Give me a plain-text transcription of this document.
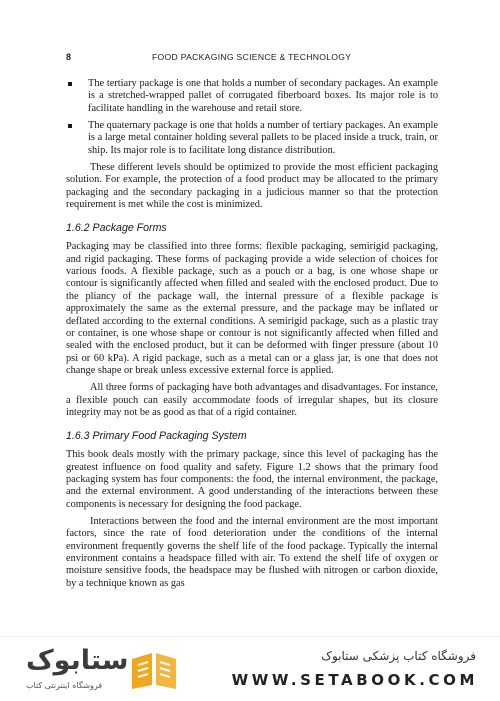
8	FOOD PACKAGING SCIENCE & TECHNOLOGY

The tertiary package is one that holds a number of secondary packages. An example is a stretched-wrapped pallet of corrugated fiberboard boxes. Its major role is to facilitate handling in the warehouse and retail store.

The quaternary package is one that holds a number of tertiary packages. An example is a large metal container holding several pallets to be placed inside a truck, train, or ship. Its major role is to facilitate long distance distribution.

These different levels should be optimized to provide the most efficient packaging solution. For example, the protection of a food product may be allocated to the primary packaging and the secondary packaging in a judicious manner so that the protection requirement is met while the cost is minimized.

1.6.2 Package Forms

Packaging may be classified into three forms: flexible packaging, semirigid packaging, and rigid packaging. These forms of packaging provide a wide selection of choices for various foods. A flexible package, such as a pouch or a bag, is one whose shape or contour is significantly affected when filled and sealed with the enclosed product. Due to the pliancy of the package wall, the internal pressure of a flexible package is approximately the same as the external pressure, and the package may be inflated or deflated according to the external conditions. A semirigid package, such as a plastic tray or container, is one whose shape or contour is not significantly affected when filled and sealed with the enclosed product, but it can be deformed with finger pressure (about 10 psi or 60 kPa). A rigid package, such as a metal can or a glass jar, is one that does not change shape or break unless excessive external force is applied.

All three forms of packaging have both advantages and disadvantages. For instance, a flexible pouch can easily accommodate foods of irregular shapes, but its closure integrity may not be as good as that of a rigid container.

1.6.3 Primary Food Packaging System

This book deals mostly with the primary package, since this level of packaging has the greatest influence on food quality and safety. Figure 1.2 shows that the primary food packaging system has four components: the food, the internal environment, the package, and the external environment. A good understanding of the interactions between these components is necessary for designing the food package.

Interactions between the food and the internal environment are the most important factors, since the rate of food deterioration under the conditions of the internal environment frequently governs the shelf life of the food package. Typically the internal environment contains a headspace filled with air. To extend the shelf life of oxygen or moisture sensitive foods, the headspace may be flushed with nitrogen or carbon dioxide, by a technique known as gas

ستابوک
فروشگاه اینترنتی کتاب
فروشگاه کتاب پزشکی ستابوک
WWW.SETABOOK.COM
